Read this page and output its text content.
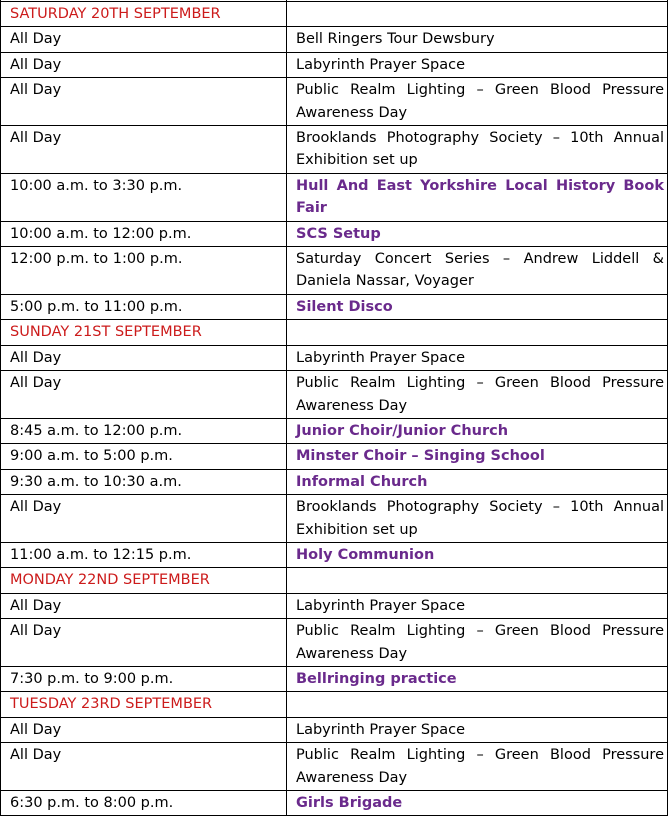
SATURDAY 20TH SEPTEMBER	
All Day	Bell Ringers Tour Dewsbury
All Day	Labyrinth Prayer Space
All Day	Public Realm Lighting – Green Blood Pressure Awareness Day
All Day	Brooklands Photography Society – 10th Annual Exhibition set up
10:00 a.m. to 3:30 p.m.	Hull And East Yorkshire Local History Book Fair
10:00 a.m. to 12:00 p.m.	SCS Setup
12:00 p.m. to 1:00 p.m.	Saturday Concert Series – Andrew Liddell & Daniela Nassar, Voyager
5:00 p.m. to 11:00 p.m.	Silent Disco
SUNDAY 21ST SEPTEMBER	
All Day	Labyrinth Prayer Space
All Day	Public Realm Lighting – Green Blood Pressure Awareness Day
8:45 a.m. to 12:00 p.m.	Junior Choir/Junior Church
9:00 a.m. to 5:00 p.m.	Minster Choir – Singing School
9:30 a.m. to 10:30 a.m.	Informal Church
All Day	Brooklands Photography Society – 10th Annual Exhibition set up
11:00 a.m. to 12:15 p.m.	Holy Communion
MONDAY 22ND SEPTEMBER	
All Day	Labyrinth Prayer Space
All Day	Public Realm Lighting – Green Blood Pressure Awareness Day
7:30 p.m. to 9:00 p.m.	Bellringing practice
TUESDAY 23RD SEPTEMBER	
All Day	Labyrinth Prayer Space
All Day	Public Realm Lighting – Green Blood Pressure Awareness Day
6:30 p.m. to 8:00 p.m.	Girls Brigade
